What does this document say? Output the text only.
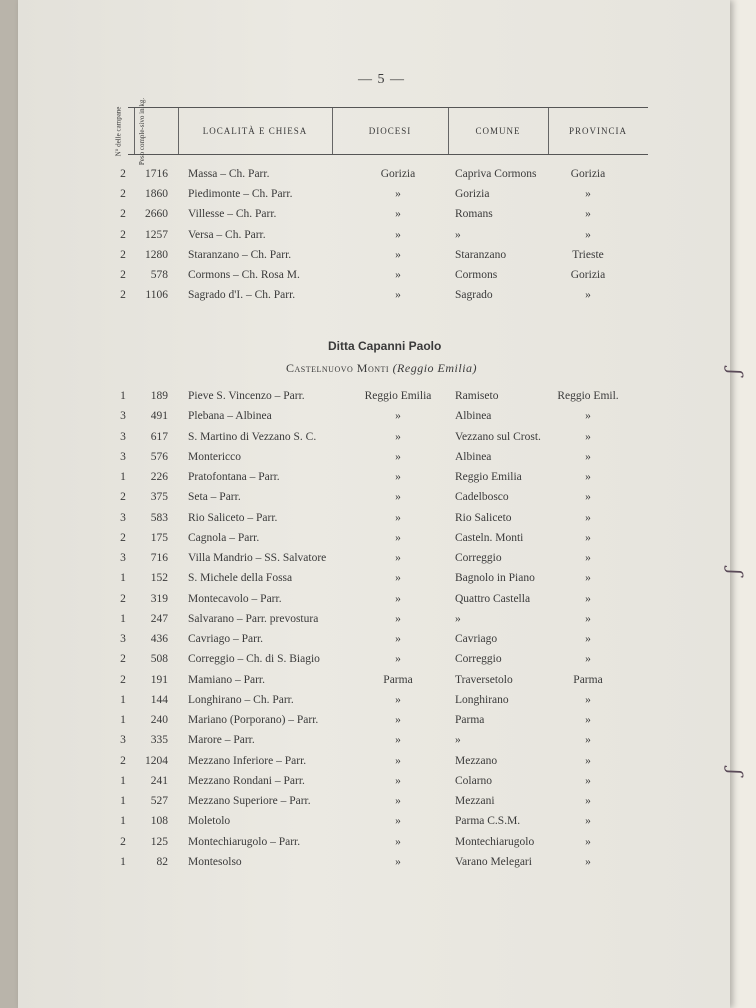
— 5 —
N° delle campane Peso comple-sivo in kg.	LOCALITÀ E CHIESA	DIOCESI	COMUNE	PROVINCIA
2	1716 Massa – Ch. Parr.	Gorizia	Capriva Cormons	Gorizia
2	1860 Piedimonte – Ch. Parr.	»	Gorizia	»
2	2660 Villesse – Ch. Parr.	»	Romans	»
2	1257 Versa – Ch. Parr.	»	»	»
2	1280 Staranzano – Ch. Parr.	»	Staranzano	Trieste
2	578 Cormons – Ch. Rosa M.	»	Cormons	Gorizia
2	1106 Sagrado d'I. – Ch. Parr.	»	Sagrado	»
Ditta Capanni Paolo
Castelnuovo Monti (Reggio Emilia)
1	189 Pieve S. Vincenzo – Parr.	Reggio Emilia	Ramiseto	Reggio Emil.
3	491 Plebana – Albinea	»	Albinea	»
3	617 S. Martino di Vezzano S. C.	»	Vezzano sul Crost.	»
3	576 Montericco	»	Albinea	»
1	226 Pratofontana – Parr.	»	Reggio Emilia	»
2	375 Seta – Parr.	»	Cadelbosco	»
3	583 Rio Saliceto – Parr.	»	Rio Saliceto	»
2	175 Cagnola – Parr.	»	Casteln. Monti	»
3	716 Villa Mandrio – SS. Salvatore	»	Correggio	»
1	152 S. Michele della Fossa	»	Bagnolo in Piano	»
2	319 Montecavolo – Parr.	»	Quattro Castella	»
1	247 Salvarano – Parr. prevostura	»	»	»
3	436 Cavriago – Parr.	»	Cavriago	»
2	508 Correggio – Ch. di S. Biagio	»	Correggio	»
2	191 Mamiano – Parr.	Parma	Traversetolo	Parma
1	144 Longhirano – Ch. Parr.	»	Longhirano	»
1	240 Mariano (Porporano) – Parr.	»	Parma	»
3	335 Marore – Parr.	»	»	»
2	1204 Mezzano Inferiore – Parr.	»	Mezzano	»
1	241 Mezzano Rondani – Parr.	»	Colarno	»
1	527 Mezzano Superiore – Parr.	»	Mezzani	»
1	108 Moletolo	»	Parma C.S.M.	»
2	125 Montechiarugolo – Parr.	»	Montechiarugolo	»
1	82 Montesolso	»	Varano Melegari	»
ʃ
ʃ
ʃ
